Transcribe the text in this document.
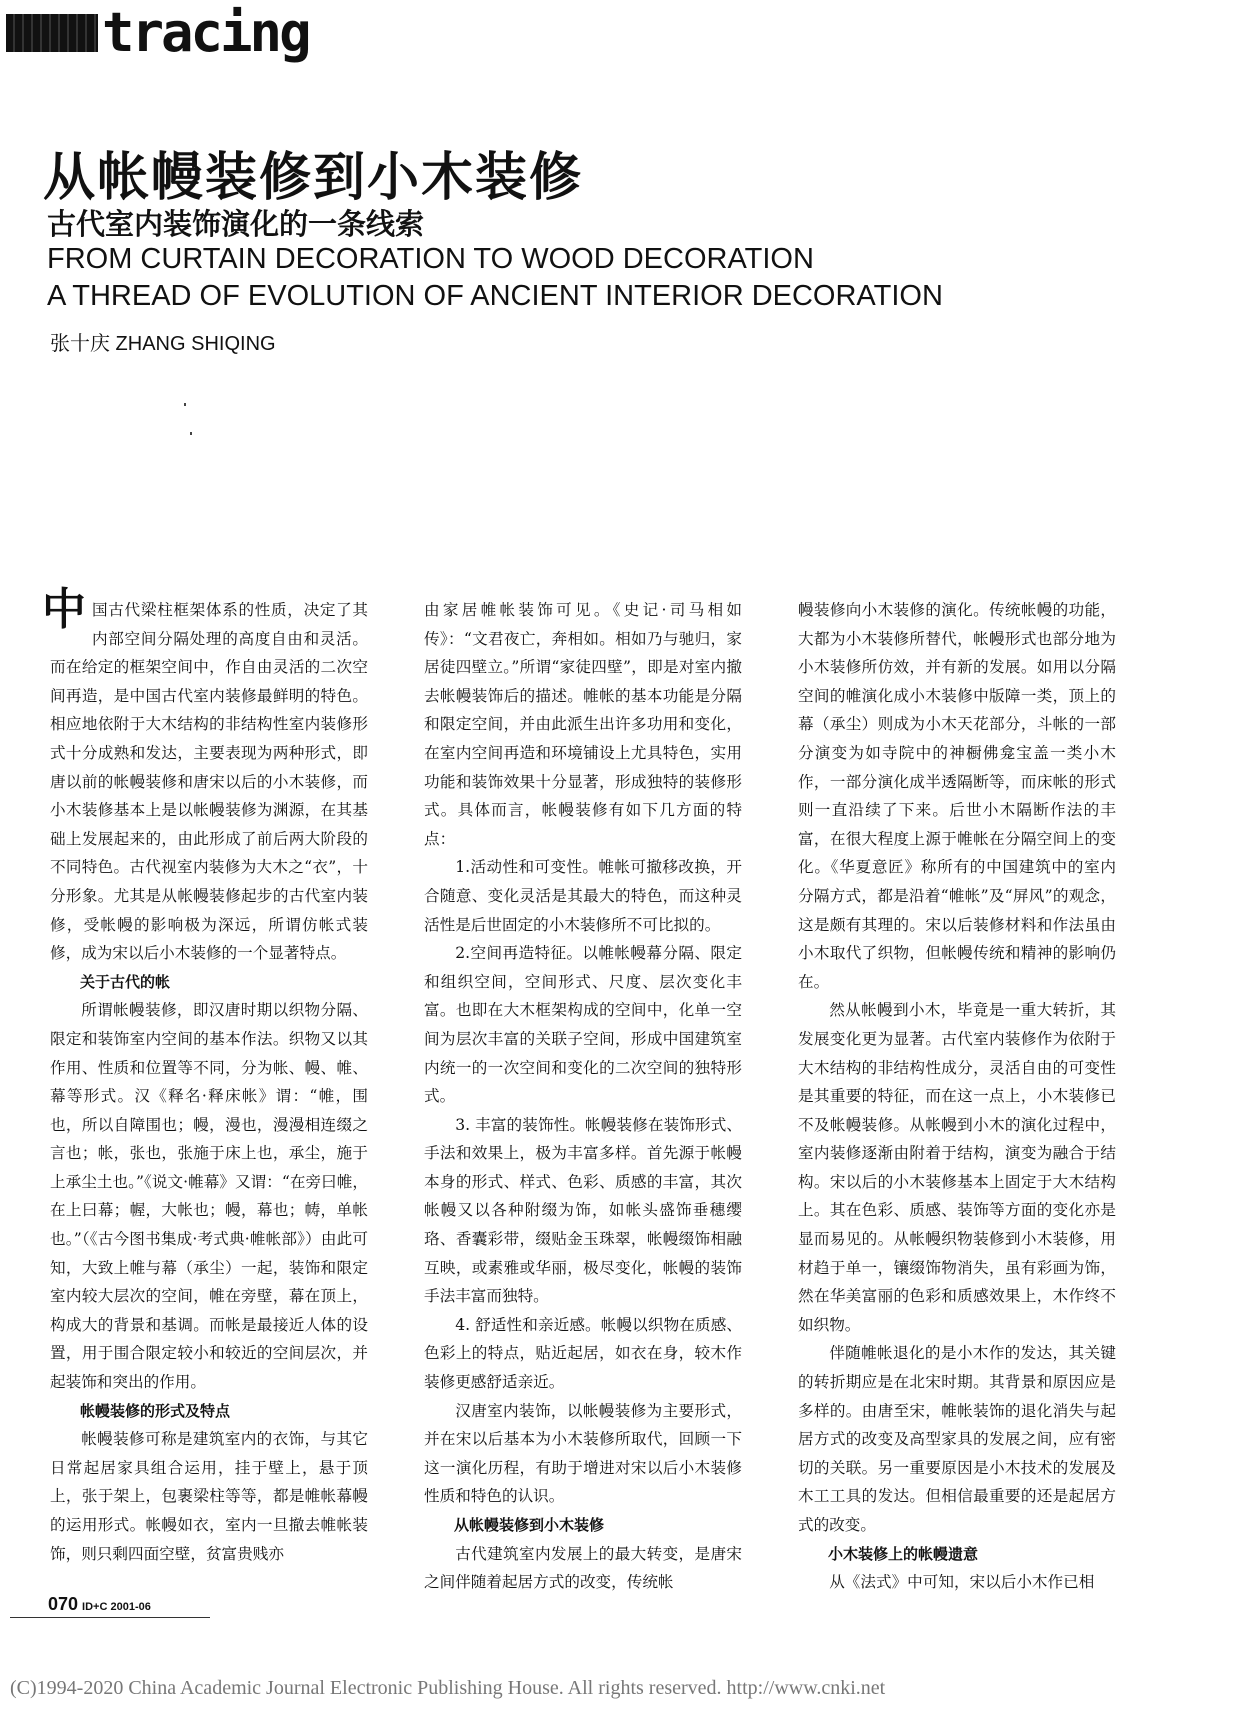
tracing
从帐幔装修到小木装修
古代室内装饰演化的一条线索
FROM CURTAIN DECORATION TO WOOD DECORATION
A THREAD OF EVOLUTION OF ANCIENT INTERIOR DECORATION
张十庆 ZHANG SHIQING

中国古代梁柱框架体系的性质，决定了其内部空间分隔处理的高度自由和灵活。而在给定的框架空间中，作自由灵活的二次空间再造，是中国古代室内装修最鲜明的特色。相应地依附于大木结构的非结构性室内装修形式十分成熟和发达，主要表现为两种形式，即唐以前的帐幔装修和唐宋以后的小木装修，而小木装修基本上是以帐幔装修为渊源，在其基础上发展起来的，由此形成了前后两大阶段的不同特色。古代视室内装修为大木之“衣”，十分形象。尤其是从帐幔装修起步的古代室内装修，受帐幔的影响极为深远，所谓仿帐式装修，成为宋以后小木装修的一个显著特点。

关于古代的帐

所谓帐幔装修，即汉唐时期以织物分隔、限定和装饰室内空间的基本作法。织物又以其作用、性质和位置等不同，分为帐、幔、帷、幕等形式。汉《释名·释床帐》谓：“帷，围也，所以自障围也；幔，漫也，漫漫相连缀之言也；帐，张也，张施于床上也，承尘，施于上承尘土也。”《说文·帷幕》又谓：“在旁曰帷，在上曰幕；幄，大帐也；幔，幕也；帱，单帐也。”（《古今图书集成·考式典·帷帐部》）由此可知，大致上帷与幕（承尘）一起，装饰和限定室内较大层次的空间，帷在旁壁，幕在顶上，构成大的背景和基调。而帐是最接近人体的设置，用于围合限定较小和较近的空间层次，并起装饰和突出的作用。

帐幔装修的形式及特点

帐幔装修可称是建筑室内的衣饰，与其它日常起居家具组合运用，挂于壁上，悬于顶上，张于架上，包裹梁柱等等，都是帷帐幕幔的运用形式。帐幔如衣，室内一旦撤去帷帐装饰，则只剩四面空壁，贫富贵贱亦

由家居帷帐装饰可见。《史记·司马相如传》：“文君夜亡，奔相如。相如乃与驰归，家居徒四壁立。”所谓“家徒四壁”，即是对室内撤去帐幔装饰后的描述。帷帐的基本功能是分隔和限定空间，并由此派生出许多功用和变化，在室内空间再造和环境铺设上尤具特色，实用功能和装饰效果十分显著，形成独特的装修形式。具体而言，帐幔装修有如下几方面的特点：

1.活动性和可变性。帷帐可撤移改换，开合随意、变化灵活是其最大的特色，而这种灵活性是后世固定的小木装修所不可比拟的。

2.空间再造特征。以帷帐幔幕分隔、限定和组织空间，空间形式、尺度、层次变化丰富。也即在大木框架构成的空间中，化单一空间为层次丰富的关联子空间，形成中国建筑室内统一的一次空间和变化的二次空间的独特形式。

3. 丰富的装饰性。帐幔装修在装饰形式、手法和效果上，极为丰富多样。首先源于帐幔本身的形式、样式、色彩、质感的丰富，其次帐幔又以各种附缀为饰，如帐头盛饰垂穗缨珞、香囊彩带，缀贴金玉珠翠，帐幔缀饰相融互映，或素雅或华丽，极尽变化，帐幔的装饰手法丰富而独特。

4. 舒适性和亲近感。帐幔以织物在质感、色彩上的特点，贴近起居，如衣在身，较木作装修更感舒适亲近。

汉唐室内装饰，以帐幔装修为主要形式，并在宋以后基本为小木装修所取代，回顾一下这一演化历程，有助于增进对宋以后小木装修性质和特色的认识。

从帐幔装修到小木装修

古代建筑室内发展上的最大转变，是唐宋之间伴随着起居方式的改变，传统帐

幔装修向小木装修的演化。传统帐幔的功能，大都为小木装修所替代，帐幔形式也部分地为小木装修所仿效，并有新的发展。如用以分隔空间的帷演化成小木装修中版障一类，顶上的幕（承尘）则成为小木天花部分，斗帐的一部分演变为如寺院中的神橱佛龛宝盖一类小木作，一部分演化成半透隔断等，而床帐的形式则一直沿续了下来。后世小木隔断作法的丰富，在很大程度上源于帷帐在分隔空间上的变化。《华夏意匠》称所有的中国建筑中的室内分隔方式，都是沿着“帷帐”及“屏风”的观念，这是颇有其理的。宋以后装修材料和作法虽由小木取代了织物，但帐幔传统和精神的影响仍在。

然从帐幔到小木，毕竟是一重大转折，其发展变化更为显著。古代室内装修作为依附于大木结构的非结构性成分，灵活自由的可变性是其重要的特征，而在这一点上，小木装修已不及帐幔装修。从帐幔到小木的演化过程中，室内装修逐渐由附着于结构，演变为融合于结构。宋以后的小木装修基本上固定于大木结构上。其在色彩、质感、装饰等方面的变化亦是显而易见的。从帐幔织物装修到小木装修，用材趋于单一，镶缀饰物消失，虽有彩画为饰，然在华美富丽的色彩和质感效果上，木作终不如织物。

伴随帷帐退化的是小木作的发达，其关键的转折期应是在北宋时期。其背景和原因应是多样的。由唐至宋，帷帐装饰的退化消失与起居方式的改变及高型家具的发展之间，应有密切的关联。另一重要原因是小木技术的发展及木工工具的发达。但相信最重要的还是起居方式的改变。

小木装修上的帐幔遗意

从《法式》中可知，宋以后小木作已相

070 ID+C 2001-06
(C)1994-2020 China Academic Journal Electronic Publishing House. All rights reserved. http://www.cnki.net
